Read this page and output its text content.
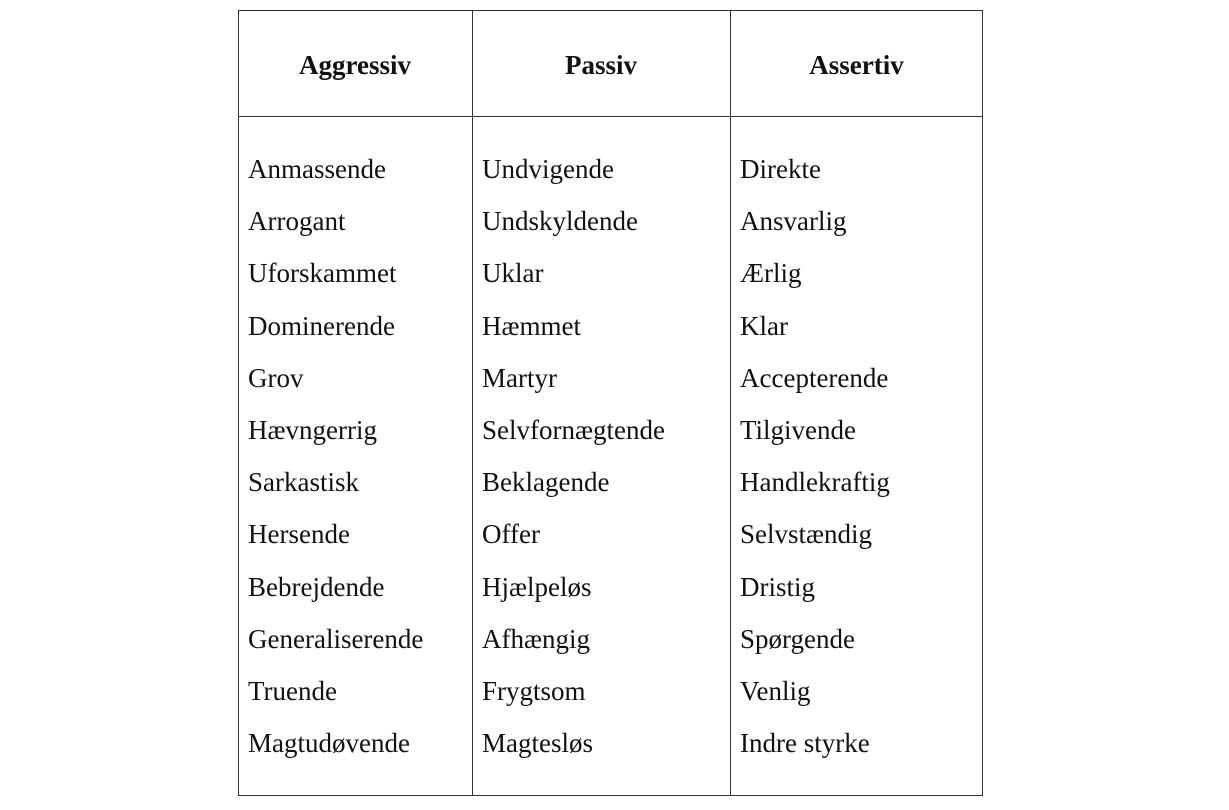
Aggressiv	Passiv	Assertiv
Anmassende
Arrogant
Uforskammet
Dominerende
Grov
Hævngerrig
Sarkastisk
Hersende
Bebrejdende
Generaliserende
Truende
Magtudøvende
Undvigende
Undskyldende
Uklar
Hæmmet
Martyr
Selvfornægtende
Beklagende
Offer
Hjælpeløs
Afhængig
Frygtsom
Magtesløs
Direkte
Ansvarlig
Ærlig
Klar
Accepterende
Tilgivende
Handlekraftig
Selvstændig
Dristig
Spørgende
Venlig
Indre styrke
